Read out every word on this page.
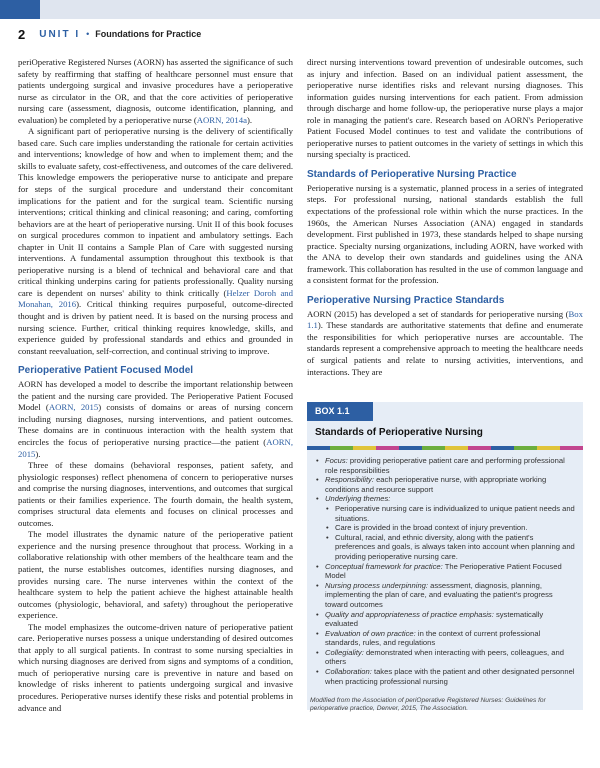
2 UNIT I • Foundations for Practice

periOperative Registered Nurses (AORN) has asserted the significance of such safety by reaffirming that staffing of healthcare personnel must ensure that patients undergoing surgical and invasive procedures have a perioperative nurse as circulator in the OR, and that the core activities of perioperative nursing care (assessment, diagnosis, outcome identification, planning, and evaluation) be completed by a perioperative nurse (AORN, 2014a).

A significant part of perioperative nursing is the delivery of scientifically based care. Such care implies understanding the rationale for certain activities and interventions; knowledge of how and when to implement them; and the skills to evaluate safety, cost-effectiveness, and outcomes of the care delivered. This knowledge empowers the perioperative nurse to anticipate and prepare for steps of the surgical procedure and understand their concomitant implications for the patient and for the surgical team. Scientific nursing interventions; critical thinking and clinical reasoning; and caring, comforting behaviors are at the heart of perioperative nursing. Unit II of this book focuses on surgical procedures common to inpatient and ambulatory settings. Each chapter in Unit II contains a Sample Plan of Care with suggested nursing interventions. A fundamental assumption throughout this textbook is that perioperative nursing is a blend of technical and behavioral care and that critical thinking underpins caring for patients professionally. Quality nursing care is dependent on nurses' ability to think critically (Helzer Doroh and Monahan, 2016). Critical thinking requires purposeful, outcome-directed thought and is driven by patient need. It is based on the nursing process and nursing science. Further, critical thinking requires knowledge, skills, and experience guided by professional standards and ethics and grounded in constant reevaluation, self-correction, and continual striving to improve.

Perioperative Patient Focused Model

AORN has developed a model to describe the important relationship between the patient and the nursing care provided. The Perioperative Patient Focused Model (AORN, 2015) consists of domains or areas of nursing concern including nursing diagnoses, nursing interventions, and patient outcomes. These domains are in continuous interaction with the health system that encircles the focus of perioperative nursing practice—the patient (AORN, 2015).

Three of these domains (behavioral responses, patient safety, and physiologic responses) reflect phenomena of concern to perioperative nurses and comprise the nursing diagnoses, interventions, and outcomes that surgical patients or their families experience. The fourth domain, the health system, comprises structural data elements and focuses on clinical processes and outcomes.

The model illustrates the dynamic nature of the perioperative patient experience and the nursing presence throughout that process. Working in a collaborative relationship with other members of the healthcare team and the patient, the nurse establishes outcomes, identifies nursing diagnoses, and provides nursing care. The nurse intervenes within the context of the healthcare system to help the patient achieve the highest attainable health outcomes (physiologic, behavioral, and safety) throughout the perioperative experience.

The model emphasizes the outcome-driven nature of perioperative patient care. Perioperative nurses possess a unique understanding of desired outcomes that apply to all surgical patients. In contrast to some nursing specialties in which nursing diagnoses are derived from signs and symptoms of a condition, much of perioperative nursing care is preventive in nature and based on knowledge of risks inherent to patients undergoing surgical and invasive procedures. Perioperative nurses identify these risks and potential problems in advance and

direct nursing interventions toward prevention of undesirable outcomes, such as injury and infection. Based on an individual patient assessment, the perioperative nurse identifies risks and relevant nursing diagnoses. This information guides nursing interventions for each patient. From admission through discharge and home follow-up, the perioperative nurse plays a major role in managing the patient's care. Research based on AORN's Perioperative Patient Focused Model continues to test and validate the contributions of perioperative nurses to patient outcomes in the variety of settings in which this nursing specialty is practiced.

Standards of Perioperative Nursing Practice

Perioperative nursing is a systematic, planned process in a series of integrated steps. For professional nursing, national standards establish the full expectations of the professional role within which the nurse practices. In the 1960s, the American Nurses Association (ANA) engaged in standards development. First published in 1973, these standards helped to shape nursing practice. Specialty nursing organizations, including AORN, have worked with the ANA to develop their own standards and guidelines using the ANA framework. This collaboration has resulted in the use of common language and a consistent format for the profession.

Perioperative Nursing Practice Standards

AORN (2015) has developed a set of standards for perioperative nursing (Box 1.1). These standards are authoritative statements that define and enumerate the responsibilities for which perioperative nurses are accountable. The standards represent a comprehensive approach to meeting the healthcare needs of surgical patients and relate to nursing activities, interventions, and interactions. They are

BOX 1.1
Standards of Perioperative Nursing
• Focus: providing perioperative patient care and performing professional role responsibilities
• Responsibility: each perioperative nurse, with appropriate working conditions and resource support
• Underlying themes:
• Perioperative nursing care is individualized to unique patient needs and situations.
• Care is provided in the broad context of injury prevention.
• Cultural, racial, and ethnic diversity, along with the patient's preferences and goals, is always taken into account when planning and providing perioperative nursing care.
• Conceptual framework for practice: The Perioperative Patient Focused Model
• Nursing process underpinning: assessment, diagnosis, planning, implementing the plan of care, and evaluating the patient's progress toward outcomes
• Quality and appropriateness of practice emphasis: systematically evaluated
• Evaluation of own practice: in the context of current professional standards, rules, and regulations
• Collegiality: demonstrated when interacting with peers, colleagues, and others
• Collaboration: takes place with the patient and other designated personnel when practicing professional nursing
Modified from the Association of periOperative Registered Nurses: Guidelines for perioperative practice, Denver, 2015, The Association.
